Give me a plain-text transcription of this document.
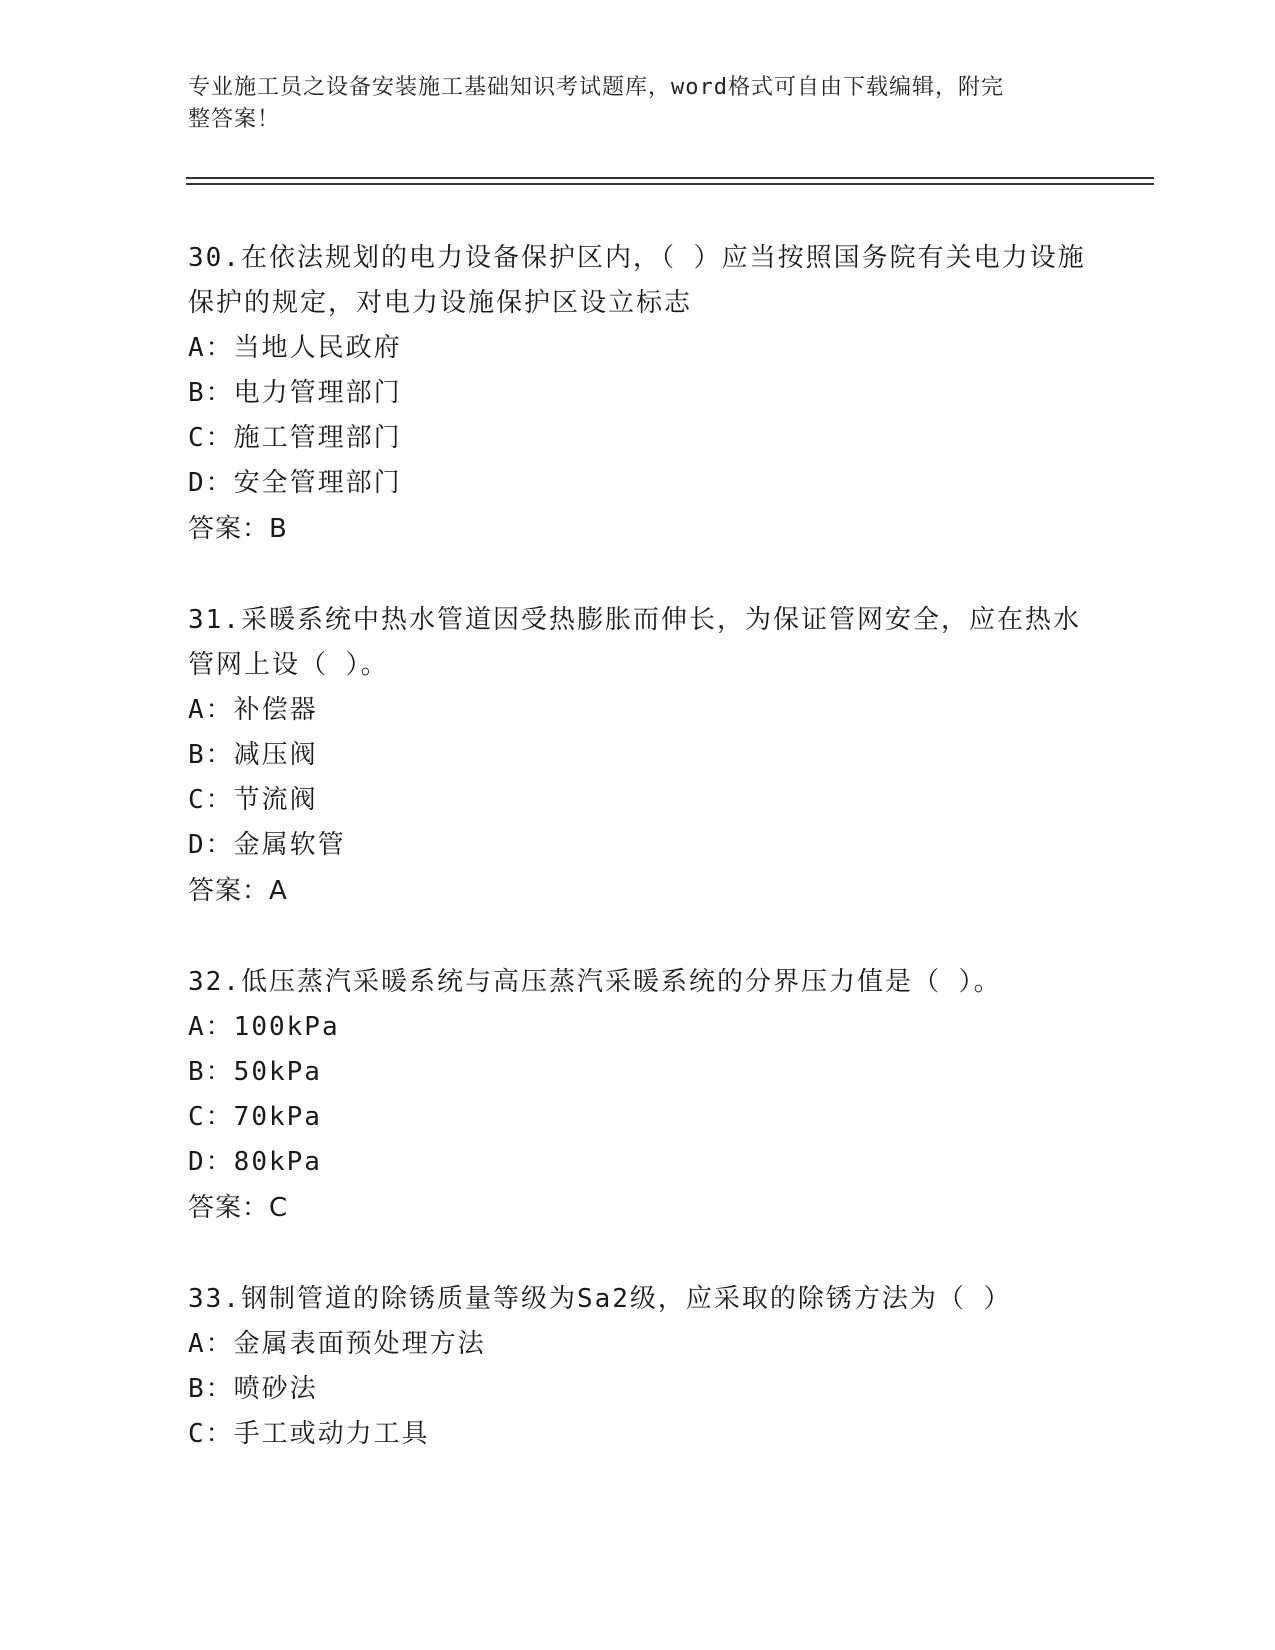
专业施工员之设备安装施工基础知识考试题库，word格式可自由下载编辑，附完
整答案！

30.在依法规划的电力设备保护区内，（ ）应当按照国务院有关电力设施保护的规定，对电力设施保护区设立标志

A：当地人民政府

B：电力管理部门

C：施工管理部门

D：安全管理部门

答案：B

31.采暖系统中热水管道因受热膨胀而伸长，为保证管网安全，应在热水管网上设（ ）。

A：补偿器

B：减压阀

C：节流阀

D：金属软管

答案：A

32.低压蒸汽采暖系统与高压蒸汽采暖系统的分界压力值是（ ）。

A：100kPa

B：50kPa

C：70kPa

D：80kPa

答案：C

33.钢制管道的除锈质量等级为Sa2级，应采取的除锈方法为（ ）

A：金属表面预处理方法

B：喷砂法

C：手工或动力工具
